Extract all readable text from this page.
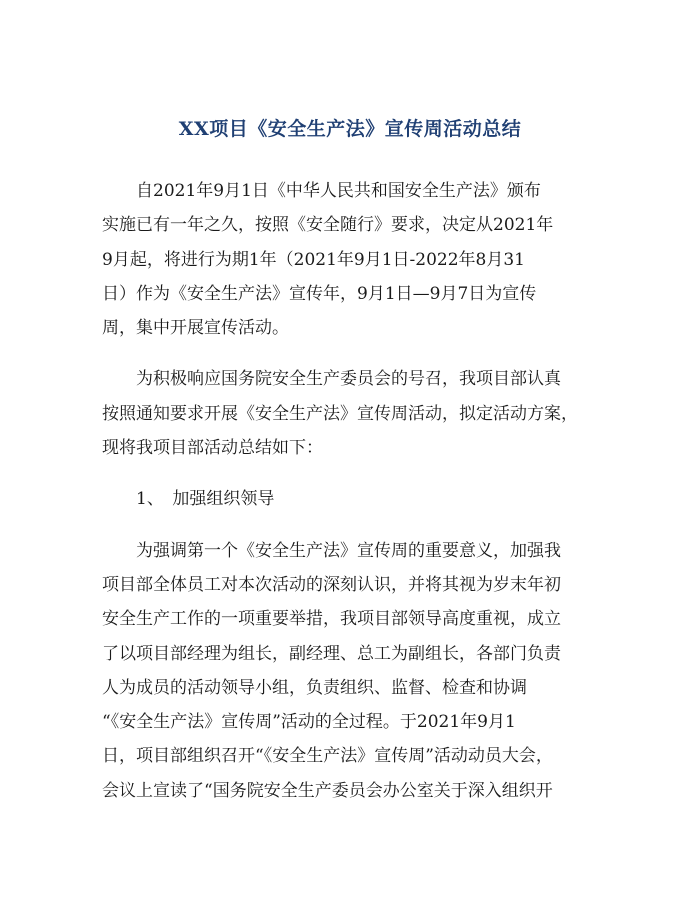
XX项目《安全生产法》宣传周活动总结

　　自2021年9月1日《中华人民共和国安全生产法》颁布
实施已有一年之久，按照《安全随行》要求，决定从2021年
9月起，将进行为期1年（2021年9月1日-2022年8月31
日）作为《安全生产法》宣传年，9月1日—9月7日为宣传
周，集中开展宣传活动。

　　为积极响应国务院安全生产委员会的号召，我项目部认真
按照通知要求开展《安全生产法》宣传周活动，拟定活动方案，
现将我项目部活动总结如下：

　　1、　加强组织领导

　　为强调第一个《安全生产法》宣传周的重要意义，加强我
项目部全体员工对本次活动的深刻认识，并将其视为岁末年初
安全生产工作的一项重要举措，我项目部领导高度重视，成立
了以项目部经理为组长，副经理、总工为副组长，各部门负责
人为成员的活动领导小组，负责组织、监督、检查和协调
“《安全生产法》宣传周”活动的全过程。于2021年9月1
日，项目部组织召开“《安全生产法》宣传周”活动动员大会，
会议上宣读了“国务院安全生产委员会办公室关于深入组织开
